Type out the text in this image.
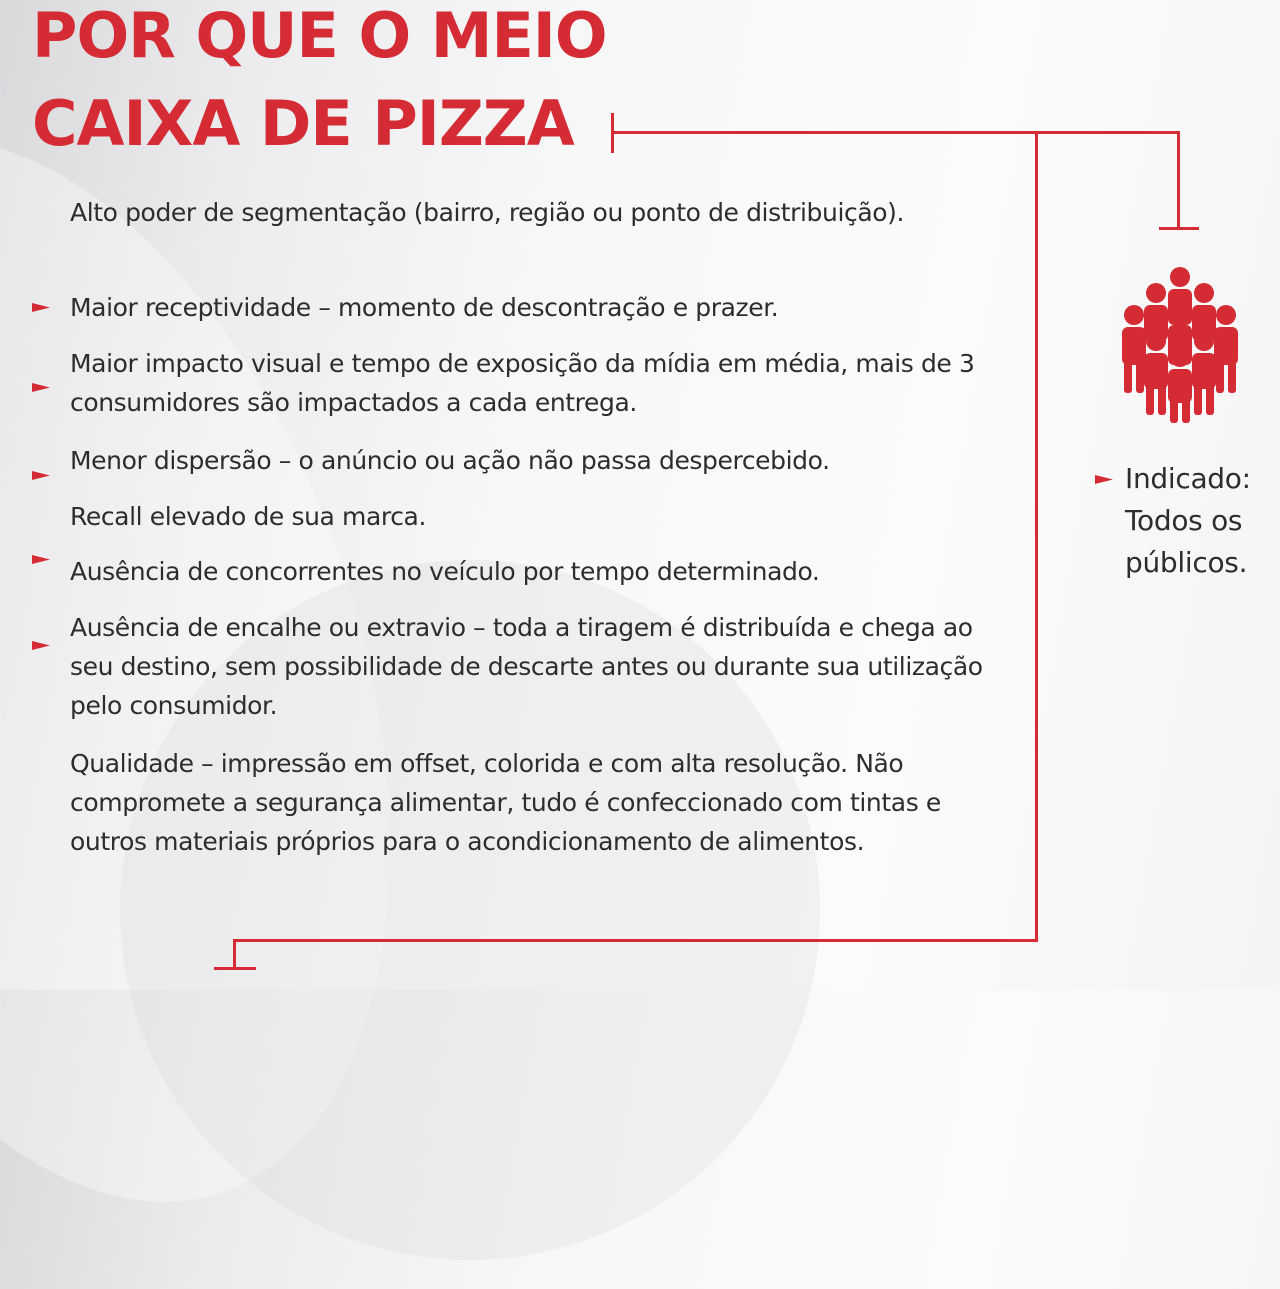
POR QUE O MEIO
CAIXA DE PIZZA
Alto poder de segmentação (bairro, região ou ponto de distribuição).
Maior receptividade – momento de descontração e prazer.
Maior impacto visual e tempo de exposição da mídia em média, mais de 3 consumidores são impactados a cada entrega.
Menor dispersão – o anúncio ou ação não passa despercebido.
Recall elevado de sua marca.
Ausência de concorrentes no veículo por tempo determinado.
Ausência de encalhe ou extravio – toda a tiragem é distribuída e chega ao seu destino, sem possibilidade de descarte antes ou durante sua utilização pelo consumidor.
Qualidade – impressão em offset, colorida e com alta resolução. Não compromete a segurança alimentar, tudo é confeccionado com tintas e outros materiais próprios para o acondicionamento de alimentos.
Indicado: Todos os públicos.
